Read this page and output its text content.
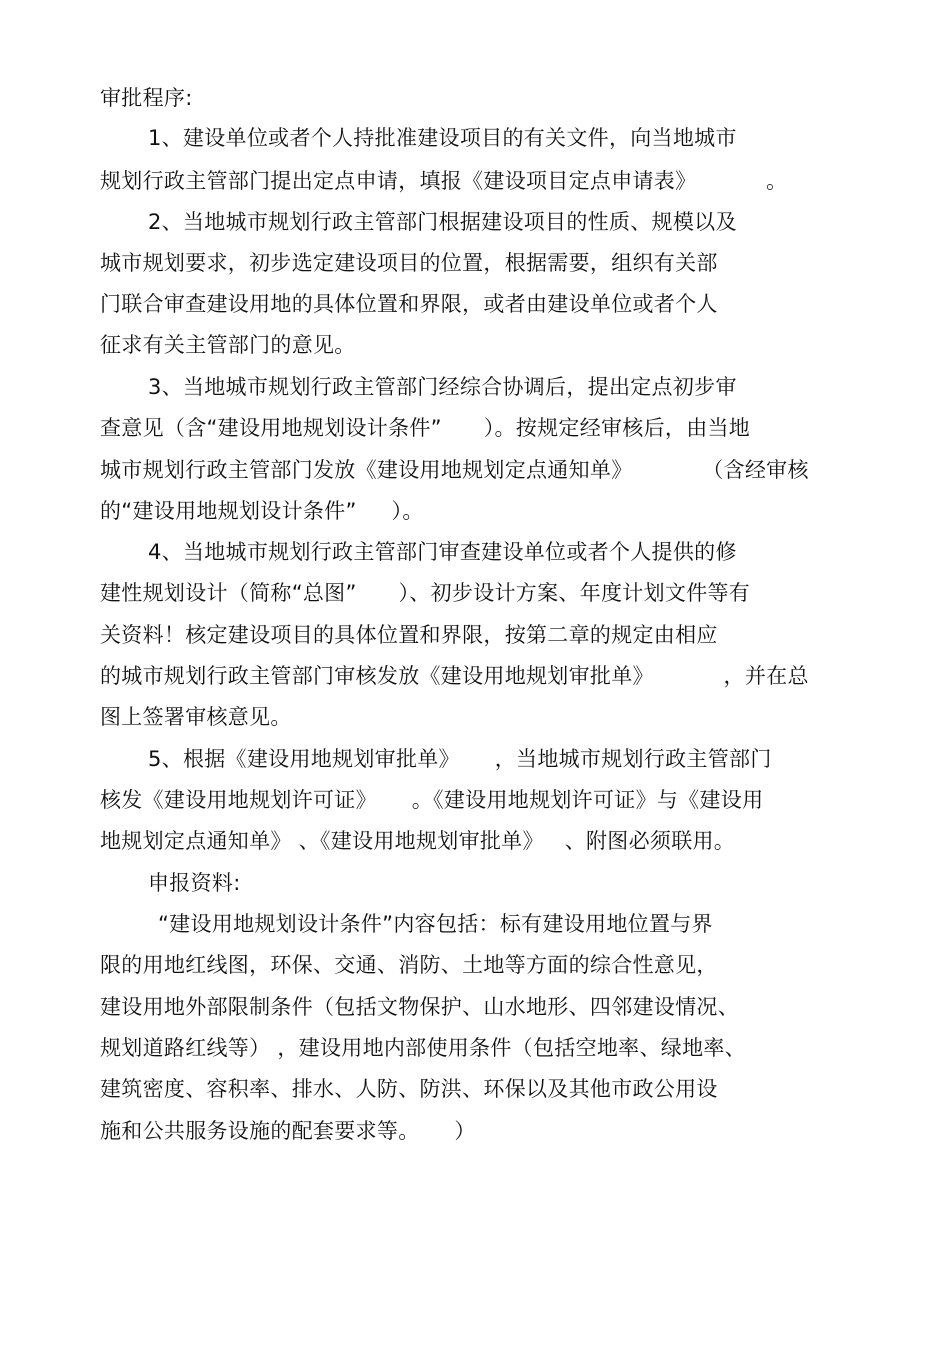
审批程序:
1、建设单位或者个人持批准建设项目的有关文件，向当地城市
规划行政主管部门提出定点申请，填报《建设项目定点申请表》          。
2、当地城市规划行政主管部门根据建设项目的性质、规模以及
城市规划要求，初步选定建设项目的位置，根据需要，组织有关部
门联合审查建设用地的具体位置和界限，或者由建设单位或者个人
征求有关主管部门的意见。
3、当地城市规划行政主管部门经综合协调后，提出定点初步审
查意见（含“建设用地规划设计条件”      ）。按规定经审核后，由当地
城市规划行政主管部门发放《建设用地规划定点通知单》          （含经审核
的“建设用地规划设计条件”     ）。
4、当地城市规划行政主管部门审查建设单位或者个人提供的修
建性规划设计（简称“总图”      ）、初步设计方案、年度计划文件等有
关资料！核定建设项目的具体位置和界限，按第二章的规定由相应
的城市规划行政主管部门审核发放《建设用地规划审批单》          ，并在总
图上签署审核意见。
5、根据《建设用地规划审批单》     ，当地城市规划行政主管部门
核发《建设用地规划许可证》     。《建设用地规划许可证》与《建设用
地规划定点通知单》 、《建设用地规划审批单》   、附图必须联用。
申报资料:
“建设用地规划设计条件”内容包括：标有建设用地位置与界
限的用地红线图，环保、交通、消防、土地等方面的综合性意见，
建设用地外部限制条件（包括文物保护、山水地形、四邻建设情况、
规划道路红线等） ，建设用地内部使用条件（包括空地率、绿地率、
建筑密度、容积率、排水、人防、防洪、环保以及其他市政公用设
施和公共服务设施的配套要求等。     ）
